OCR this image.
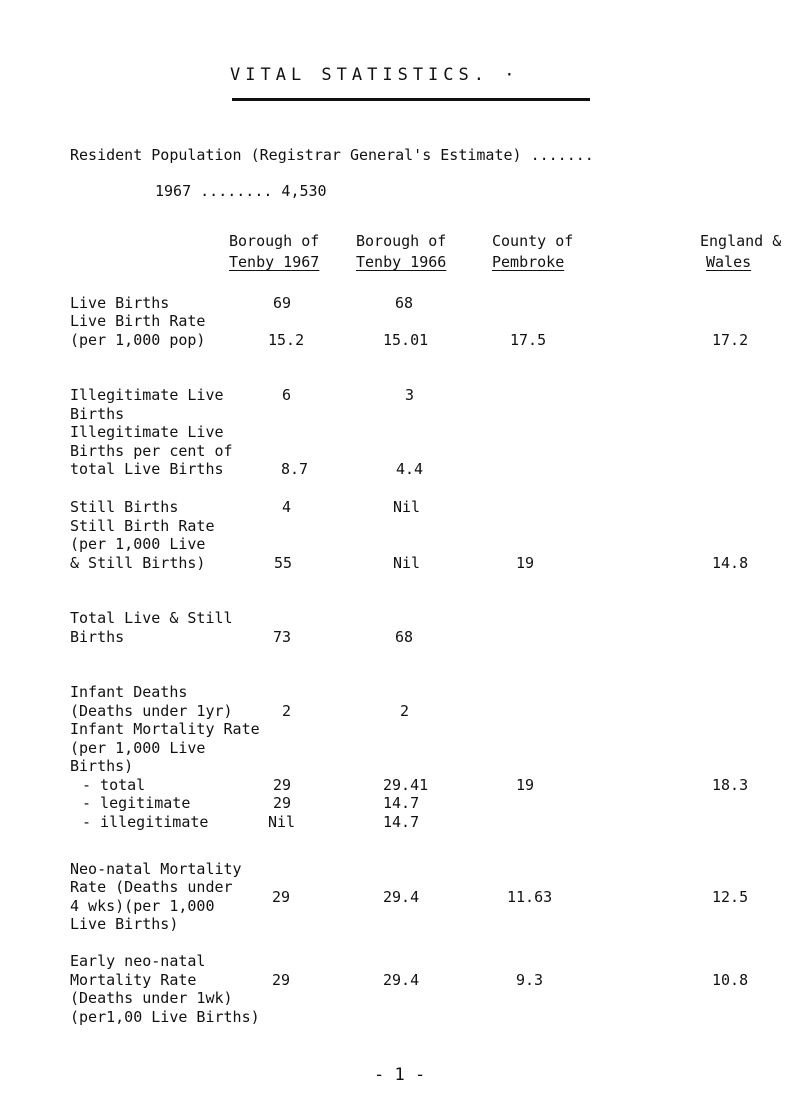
VITAL STATISTICS. ·
Resident Population (Registrar General's Estimate) .......
1967 ........ 4,530
Borough of
Tenby 1967
Borough of
Tenby 1966
County of
Pembroke
England &
Wales
Live Births
Live Birth Rate
(per 1,000 pop)
Illegitimate Live
Births
Illegitimate Live
Births per cent of
total Live Births
Still Births
Still Birth Rate
(per 1,000 Live
& Still Births)
Total Live & Still
Births
Infant Deaths
(Deaths under 1yr)
Infant Mortality Rate
(per 1,000 Live
Births)
- total
- legitimate
- illegitimate
Neo-natal Mortality
Rate (Deaths under
4 wks)(per 1,000
Live Births)
Early neo-natal
Mortality Rate
(Deaths under 1wk)
(per1,00 Live Births)
69
15.2
6
8.7
4
55
73
2
29
29
Nil
29
29
68
15.01
3
4.4
Nil
Nil
68
2
29.41
14.7
14.7
29.4
29.4
17.5
19
19
11.63
9.3
17.2
14.8
18.3
12.5
10.8
- 1 -
